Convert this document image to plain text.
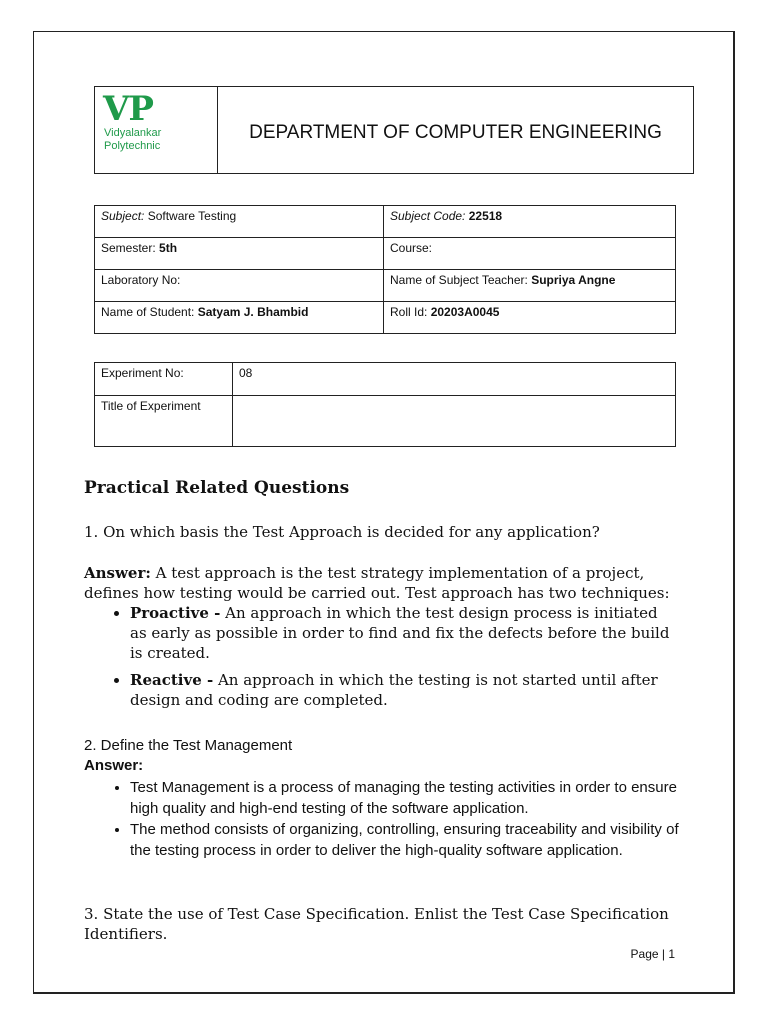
VP
Vidyalankar
Polytechnic
DEPARTMENT OF COMPUTER ENGINEERING
Subject: Software Testing	Subject Code: 22518
Semester: 5th	Course:
Laboratory No:	Name of Subject Teacher: Supriya Angne
Name of Student: Satyam J. Bhambid	Roll Id: 20203A0045
Experiment No:	08
Title of Experiment	
Practical Related Questions
1. On which basis the Test Approach is decided for any application?
Answer: A test approach is the test strategy implementation of a project, defines how testing would be carried out. Test approach has two techniques:
• Proactive - An approach in which the test design process is initiated as early as possible in order to find and fix the defects before the build is created.
• Reactive - An approach in which the testing is not started until after design and coding are completed.
2. Define the Test Management
Answer:
• Test Management is a process of managing the testing activities in order to ensure high quality and high-end testing of the software application.
• The method consists of organizing, controlling, ensuring traceability and visibility of the testing process in order to deliver the high-quality software application.
3. State the use of Test Case Specification. Enlist the Test Case Specification Identifiers.
Page | 1
